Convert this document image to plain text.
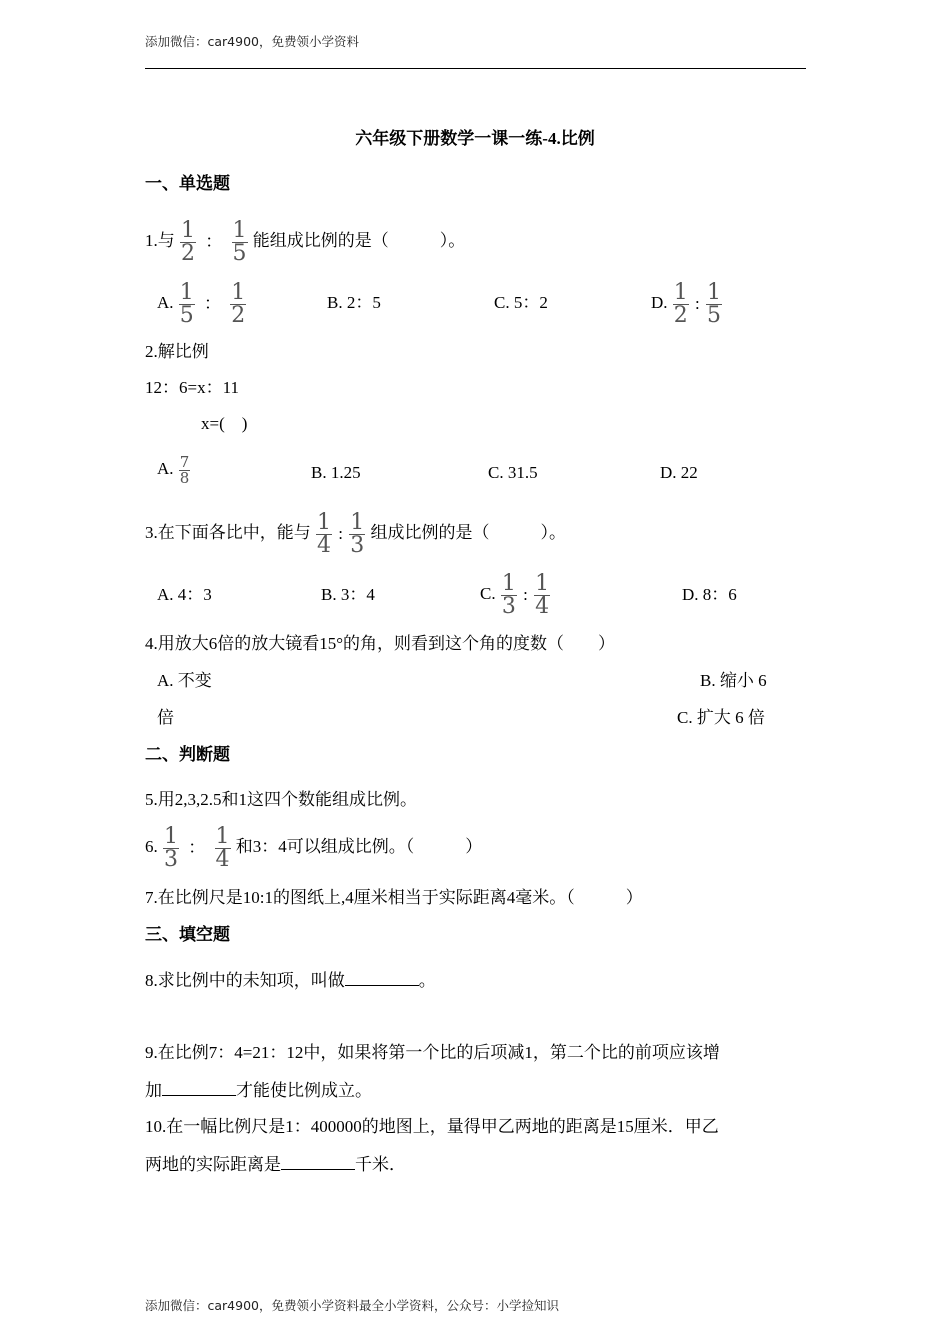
添加微信：car4900，免费领小学资料
六年级下册数学一课一练-4.比例
一、单选题
1.与 $\frac{1}{2}$ ： $\frac{1}{5}$ 能组成比例的是（　　　）。
A. $\frac{1}{5}$ ： $\frac{1}{2}$	B. 2：5	C. 5：2	D. $\frac{1}{2}$ : $\frac{1}{5}$
2.解比例
12：6=x：11
x=(　)
A. $\frac{7}{8}$	B. 1.25	C. 31.5	D. 22
3.在下面各比中，能与 $\frac{1}{4}$ : $\frac{1}{3}$ 组成比例的是（　　　）。
A. 4：3	B. 3：4	C. $\frac{1}{3}$ : $\frac{1}{4}$	D. 8：6
4.用放大6倍的放大镜看15°的角，则看到这个角的度数（　　）
A. 不变	B. 缩小 6
倍	C. 扩大 6 倍
二、判断题
5.用2,3,2.5和1这四个数能组成比例。
6. $\frac{1}{3}$ ： $\frac{1}{4}$ 和3：4可以组成比例。（　　　）
7.在比例尺是10:1的图纸上,4厘米相当于实际距离4毫米。（　　　）
三、填空题
8.求比例中的未知项，叫做	。
9.在比例7：4=21：12中，如果将第一个比的后项减1，第二个比的前项应该增
加	才能使比例成立。
10.在一幅比例尺是1：400000的地图上，量得甲乙两地的距离是15厘米．甲乙
两地的实际距离是	千米．
添加微信：car4900，免费领小学资料最全小学资料，公众号：小学捡知识
